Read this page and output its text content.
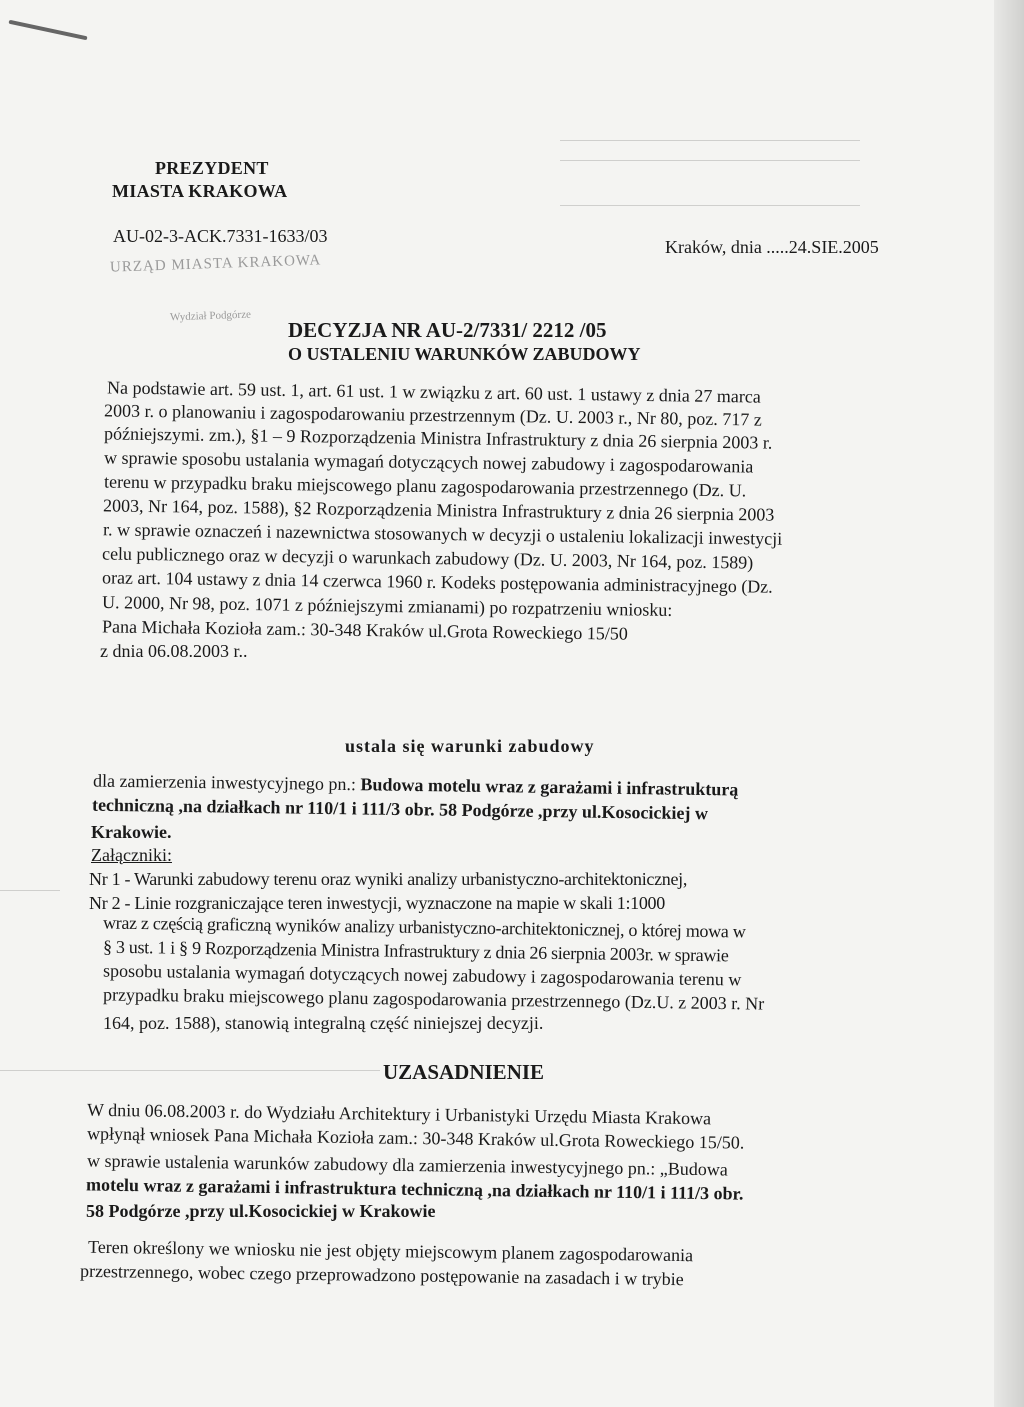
PREZYDENT
MIASTA KRAKOWA
AU-02-3-ACK.7331-1633/03
Kraków, dnia .....24.SIE.2005
URZĄD MIASTA KRAKOWA
Wydział Podgórze
DECYZJA NR AU-2/7331/ 2212 /05
O USTALENIU WARUNKÓW ZABUDOWY
Na podstawie art. 59 ust. 1, art. 61 ust. 1 w związku z art. 60 ust. 1 ustawy z dnia 27 marca
2003 r. o planowaniu i zagospodarowaniu przestrzennym (Dz. U. 2003 r., Nr 80, poz. 717 z
późniejszymi. zm.), §1 – 9 Rozporządzenia Ministra Infrastruktury z dnia 26 sierpnia 2003 r.
w sprawie sposobu ustalania wymagań dotyczących nowej zabudowy i zagospodarowania
terenu w przypadku braku miejscowego planu zagospodarowania przestrzennego (Dz. U.
2003, Nr 164, poz. 1588), §2 Rozporządzenia Ministra Infrastruktury z dnia 26 sierpnia 2003
r. w sprawie oznaczeń i nazewnictwa stosowanych w decyzji o ustaleniu lokalizacji inwestycji
celu publicznego oraz w decyzji o warunkach zabudowy (Dz. U. 2003, Nr 164, poz. 1589)
oraz art. 104 ustawy z dnia 14 czerwca 1960 r. Kodeks postępowania administracyjnego (Dz.
U. 2000, Nr 98, poz. 1071 z późniejszymi zmianami) po rozpatrzeniu wniosku:
Pana Michała Kozioła zam.: 30-348 Kraków ul.Grota Roweckiego 15/50
z dnia 06.08.2003 r..
ustala się warunki zabudowy
dla zamierzenia inwestycyjnego pn.: Budowa motelu wraz z garażami i infrastrukturą
techniczną ,na działkach nr 110/1 i 111/3 obr. 58 Podgórze ,przy ul.Kosocickiej w
Krakowie.
Załączniki:
Nr 1 - Warunki zabudowy terenu oraz wyniki analizy urbanistyczno-architektonicznej,
Nr 2 - Linie rozgraniczające teren inwestycji, wyznaczone na mapie w skali 1:1000
wraz z częścią graficzną wyników analizy urbanistyczno-architektonicznej, o której mowa w
§ 3 ust. 1 i § 9 Rozporządzenia Ministra Infrastruktury z dnia 26 sierpnia 2003r. w sprawie
sposobu ustalania wymagań dotyczących nowej zabudowy i zagospodarowania terenu w
przypadku braku miejscowego planu zagospodarowania przestrzennego (Dz.U. z 2003 r. Nr
164, poz. 1588), stanowią integralną część niniejszej decyzji.
UZASADNIENIE
W dniu 06.08.2003 r. do Wydziału Architektury i Urbanistyki Urzędu Miasta Krakowa
wpłynął wniosek Pana Michała Kozioła zam.: 30-348 Kraków ul.Grota Roweckiego 15/50.
w sprawie ustalenia warunków zabudowy dla zamierzenia inwestycyjnego pn.: „Budowa
motelu wraz z garażami i infrastruktura techniczną ,na działkach nr 110/1 i 111/3 obr.
58 Podgórze ,przy ul.Kosocickiej w Krakowie
Teren określony we wniosku nie jest objęty miejscowym planem zagospodarowania
przestrzennego, wobec czego przeprowadzono postępowanie na zasadach i w trybie
